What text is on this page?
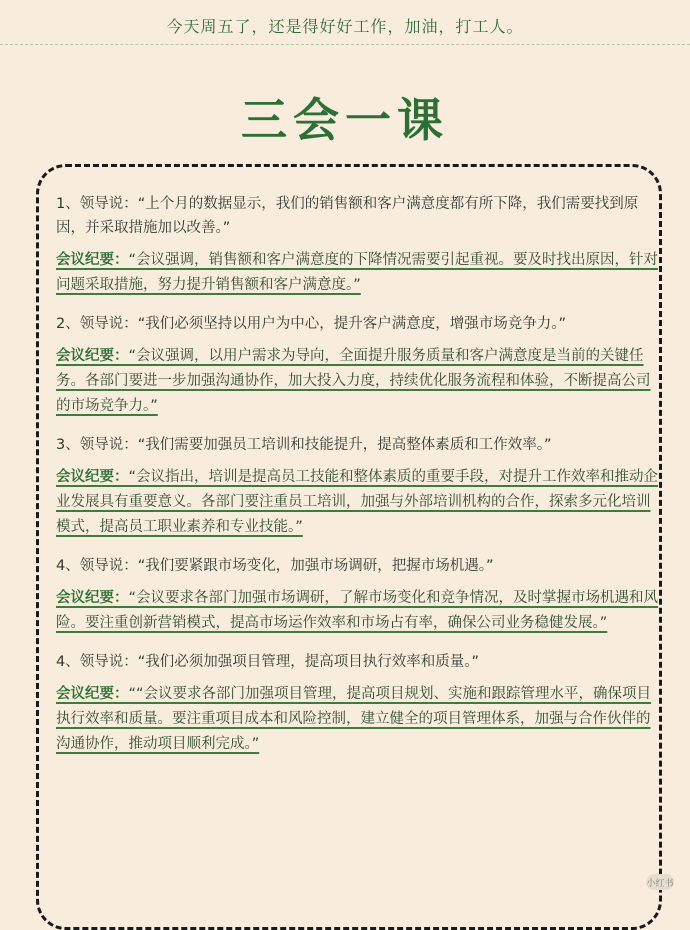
今天周五了，还是得好好工作，加油，打工人。
三会一课
1、领导说：“上个月的数据显示，我们的销售额和客户满意度都有所下降，我们需要找到原因，并采取措施加以改善。”
会议纪要：“会议强调，销售额和客户满意度的下降情况需要引起重视。要及时找出原因，针对问题采取措施，努力提升销售额和客户满意度。”
2、领导说：“我们必须坚持以用户为中心，提升客户满意度，增强市场竞争力。”
会议纪要：“会议强调，以用户需求为导向，全面提升服务质量和客户满意度是当前的关键任务。各部门要进一步加强沟通协作，加大投入力度，持续优化服务流程和体验，不断提高公司的市场竞争力。”
3、领导说：“我们需要加强员工培训和技能提升，提高整体素质和工作效率。”
会议纪要：“会议指出，培训是提高员工技能和整体素质的重要手段，对提升工作效率和推动企业发展具有重要意义。各部门要注重员工培训，加强与外部培训机构的合作，探索多元化培训模式，提高员工职业素养和专业技能。”
4、领导说：“我们要紧跟市场变化，加强市场调研，把握市场机遇。”
会议纪要：“会议要求各部门加强市场调研，了解市场变化和竞争情况，及时掌握市场机遇和风险。要注重创新营销模式，提高市场运作效率和市场占有率，确保公司业务稳健发展。”
4、领导说：“我们必须加强项目管理，提高项目执行效率和质量。”
会议纪要：““会议要求各部门加强项目管理，提高项目规划、实施和跟踪管理水平，确保项目执行效率和质量。要注重项目成本和风险控制，建立健全的项目管理体系，加强与合作伙伴的沟通协作，推动项目顺利完成。”
小红书
